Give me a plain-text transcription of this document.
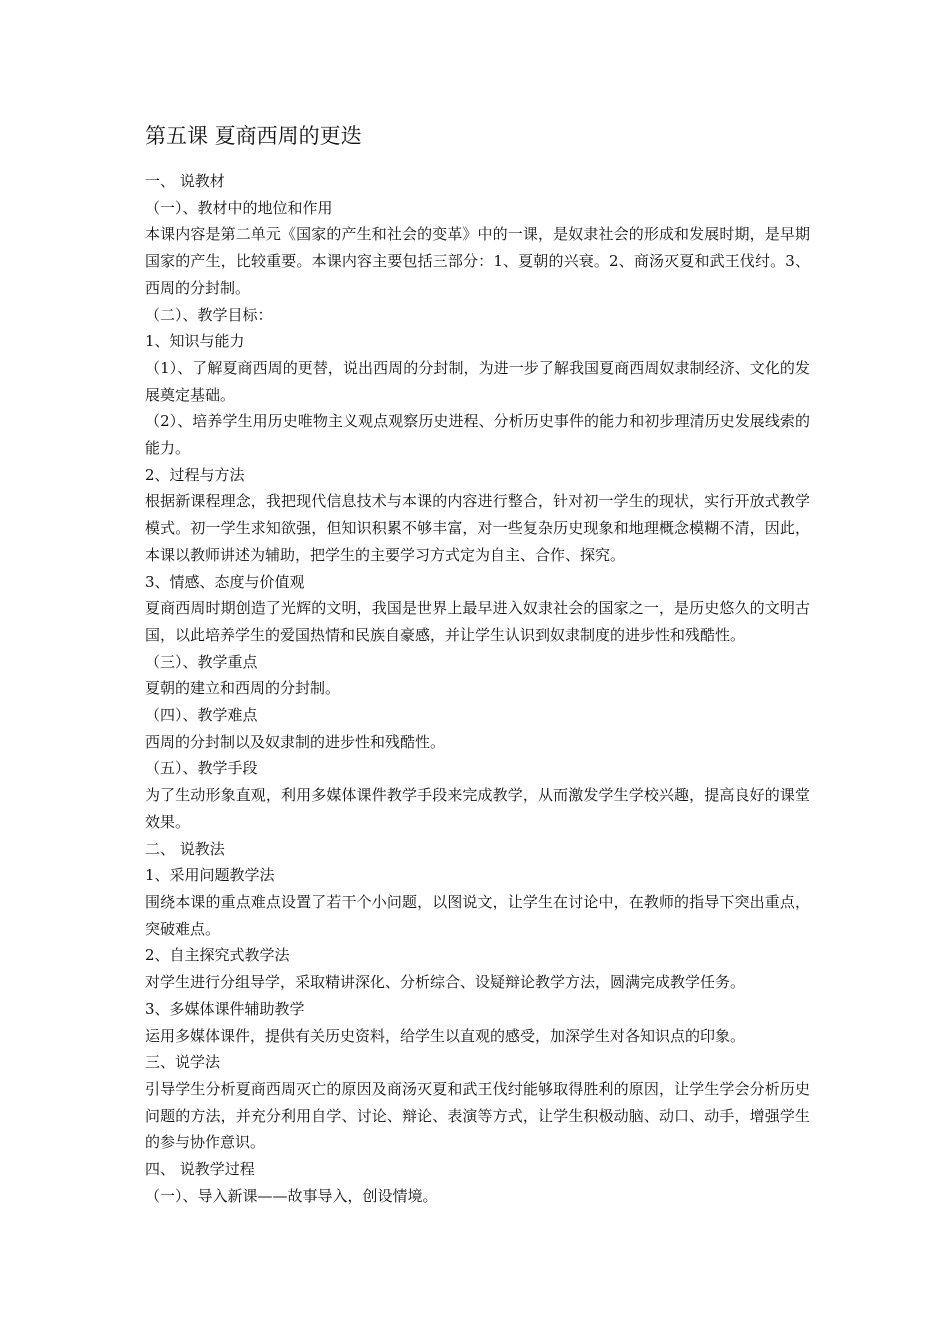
第五课 夏商西周的更迭

一、 说教材

（一）、教材中的地位和作用

本课内容是第二单元《国家的产生和社会的变革》中的一课，是奴隶社会的形成和发展时期，是早期国家的产生，比较重要。本课内容主要包括三部分：1、夏朝的兴衰。2、商汤灭夏和武王伐纣。3、西周的分封制。

（二）、教学目标：

1、知识与能力

（1）、了解夏商西周的更替，说出西周的分封制，为进一步了解我国夏商西周奴隶制经济、文化的发展奠定基础。

（2）、培养学生用历史唯物主义观点观察历史进程、分析历史事件的能力和初步理清历史发展线索的能力。

2、过程与方法

根据新课程理念，我把现代信息技术与本课的内容进行整合，针对初一学生的现状，实行开放式教学模式。初一学生求知欲强，但知识积累不够丰富，对一些复杂历史现象和地理概念模糊不清，因此，本课以教师讲述为辅助，把学生的主要学习方式定为自主、合作、探究。

3、情感、态度与价值观

夏商西周时期创造了光辉的文明，我国是世界上最早进入奴隶社会的国家之一，是历史悠久的文明古国，以此培养学生的爱国热情和民族自豪感，并让学生认识到奴隶制度的进步性和残酷性。

（三）、教学重点

夏朝的建立和西周的分封制。

（四）、教学难点

西周的分封制以及奴隶制的进步性和残酷性。

（五）、教学手段

为了生动形象直观，利用多媒体课件教学手段来完成教学，从而激发学生学校兴趣，提高良好的课堂效果。

二、 说教法

1、采用问题教学法

围绕本课的重点难点设置了若干个小问题，以图说文，让学生在讨论中，在教师的指导下突出重点，突破难点。

2、自主探究式教学法

对学生进行分组导学，采取精讲深化、分析综合、设疑辩论教学方法，圆满完成教学任务。

3、多媒体课件辅助教学

运用多媒体课件，提供有关历史资料，给学生以直观的感受，加深学生对各知识点的印象。

三、说学法

引导学生分析夏商西周灭亡的原因及商汤灭夏和武王伐纣能够取得胜利的原因，让学生学会分析历史问题的方法，并充分利用自学、讨论、辩论、表演等方式，让学生积极动脑、动口、动手，增强学生的参与协作意识。

四、 说教学过程

（一）、导入新课——故事导入，创设情境。
